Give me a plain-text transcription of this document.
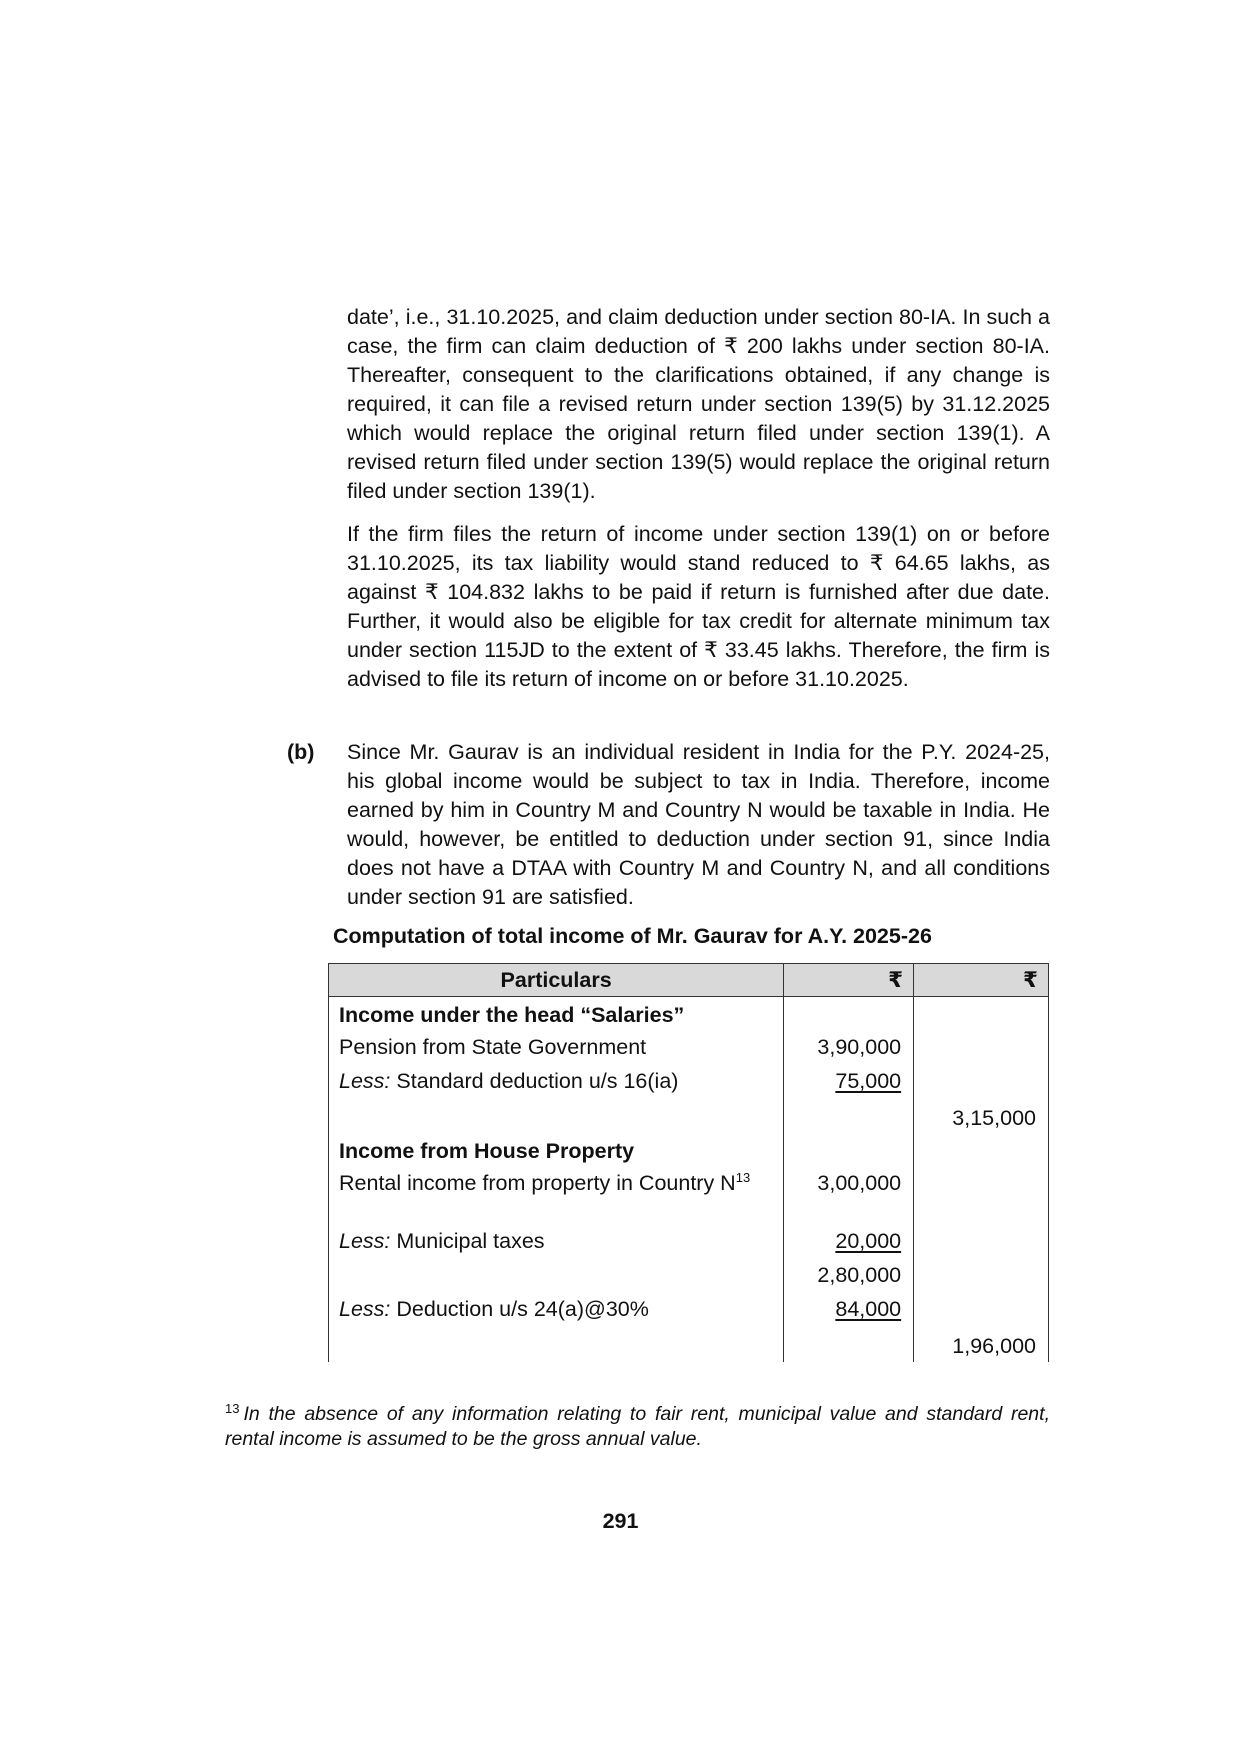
date’, i.e., 31.10.2025, and claim deduction under section 80-IA. In such a case, the firm can claim deduction of ₹ 200 lakhs under section 80-IA. Thereafter, consequent to the clarifications obtained, if any change is required, it can file a revised return under section 139(5) by 31.12.2025 which would replace the original return filed under section 139(1). A revised return filed under section 139(5) would replace the original return filed under section 139(1).

If the firm files the return of income under section 139(1) on or before 31.10.2025, its tax liability would stand reduced to ₹ 64.65 lakhs, as against ₹ 104.832 lakhs to be paid if return is furnished after due date. Further, it would also be eligible for tax credit for alternate minimum tax under section 115JD to the extent of ₹ 33.45 lakhs. Therefore, the firm is advised to file its return of income on or before 31.10.2025.

(b) Since Mr. Gaurav is an individual resident in India for the P.Y. 2024-25, his global income would be subject to tax in India. Therefore, income earned by him in Country M and Country N would be taxable in India. He would, however, be entitled to deduction under section 91, since India does not have a DTAA with Country M and Country N, and all conditions under section 91 are satisfied.

Computation of total income of Mr. Gaurav for A.Y. 2025-26
Particulars	₹	₹
Income under the head “Salaries”		
Pension from State Government	3,90,000	
Less: Standard deduction u/s 16(ia)	75,000	
		3,15,000
Income from House Property		
Rental income from property in Country $N^{13}$	3,00,000	
Less: Municipal taxes	20,000	
	2,80,000	
Less: Deduction u/s 24(a)@30%	84,000	
		1,96,000

$^{13}$ In the absence of any information relating to fair rent, municipal value and standard rent, rental income is assumed to be the gross annual value.

291
